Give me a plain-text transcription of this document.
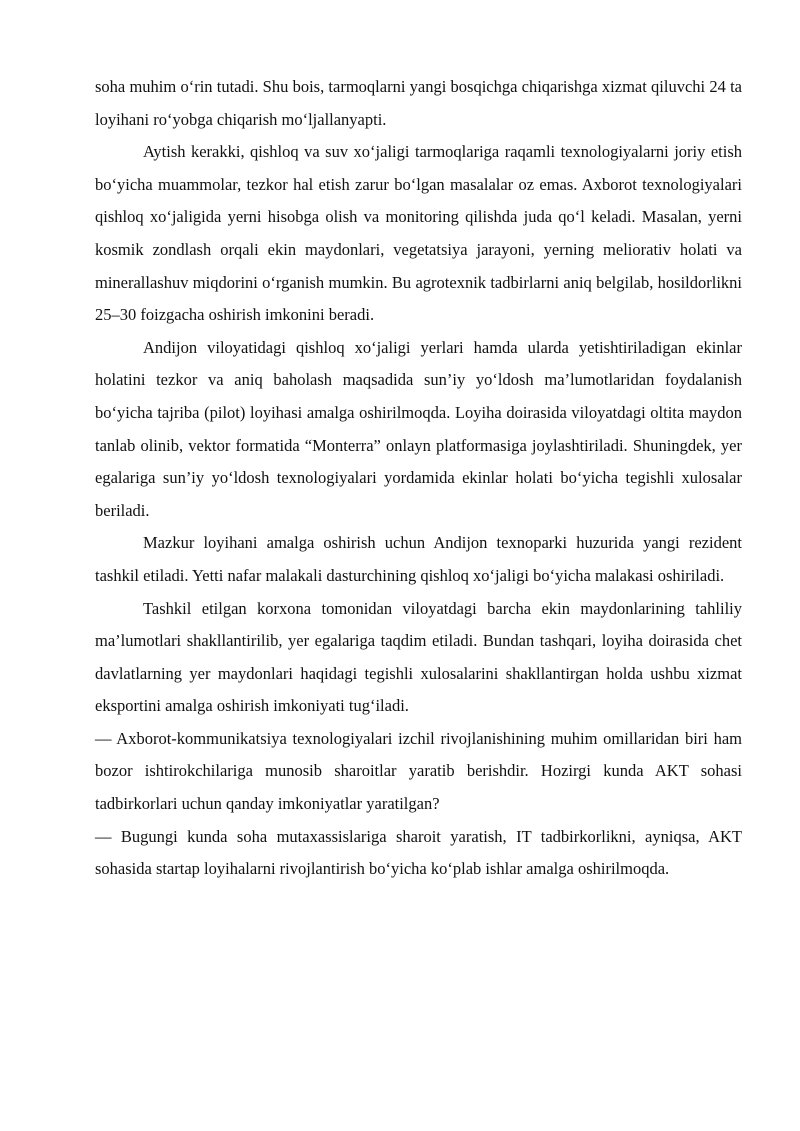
soha muhim oʻrin tutadi. Shu bois, tarmoqlarni yangi bosqichga chiqarishga xizmat qiluvchi 24 ta loyihani roʻyobga chiqarish moʻljallanyapti.

Aytish kerakki, qishloq va suv xoʻjaligi tarmoqlariga raqamli texnologiyalarni joriy etish boʻyicha muammolar, tezkor hal etish zarur boʻlgan masalalar oz emas. Axborot texnologiyalari qishloq xoʻjaligida yerni hisobga olish va monitoring qilishda juda qoʻl keladi. Masalan, yerni kosmik zondlash orqali ekin maydonlari, vegetatsiya jarayoni, yerning meliorativ holati va minerallashuv miqdorini oʻrganish mumkin. Bu agrotexnik tadbirlarni aniq belgilab, hosildorlikni 25–30 foizgacha oshirish imkonini beradi.

Andijon viloyatidagi qishloq xoʻjaligi yerlari hamda ularda yetishtiriladigan ekinlar holatini tezkor va aniq baholash maqsadida sun’iy yoʻldosh ma’lumotlaridan foydalanish boʻyicha tajriba (pilot) loyihasi amalga oshirilmoqda. Loyiha doirasida viloyatdagi oltita maydon tanlab olinib, vektor formatida “Monterra” onlayn platformasiga joylashtiriladi. Shuningdek, yer egalariga sun’iy yoʻldosh texnologiyalari yordamida ekinlar holati boʻyicha tegishli xulosalar beriladi.

Mazkur loyihani amalga oshirish uchun Andijon texnoparki huzurida yangi rezident tashkil etiladi. Yetti nafar malakali dasturchining qishloq xoʻjaligi boʻyicha malakasi oshiriladi.

Tashkil etilgan korxona tomonidan viloyatdagi barcha ekin maydonlarining tahliliy ma’lumotlari shakllantirilib, yer egalariga taqdim etiladi. Bundan tashqari, loyiha doirasida chet davlatlarning yer maydonlari haqidagi tegishli xulosalarini shakllantirgan holda ushbu xizmat eksportini amalga oshirish imkoniyati tugʻiladi.

— Axborot-kommunikatsiya texnologiyalari izchil rivojlanishining muhim omillaridan biri ham bozor ishtirokchilariga munosib sharoitlar yaratib berishdir. Hozirgi kunda AKT sohasi tadbirkorlari uchun qanday imkoniyatlar yaratilgan?
— Bugungi kunda soha mutaxassislariga sharoit yaratish, IT tadbirkorlikni, ayniqsa, AKT sohasida startap loyihalarni rivojlantirish boʻyicha koʻplab ishlar amalga oshirilmoqda.
